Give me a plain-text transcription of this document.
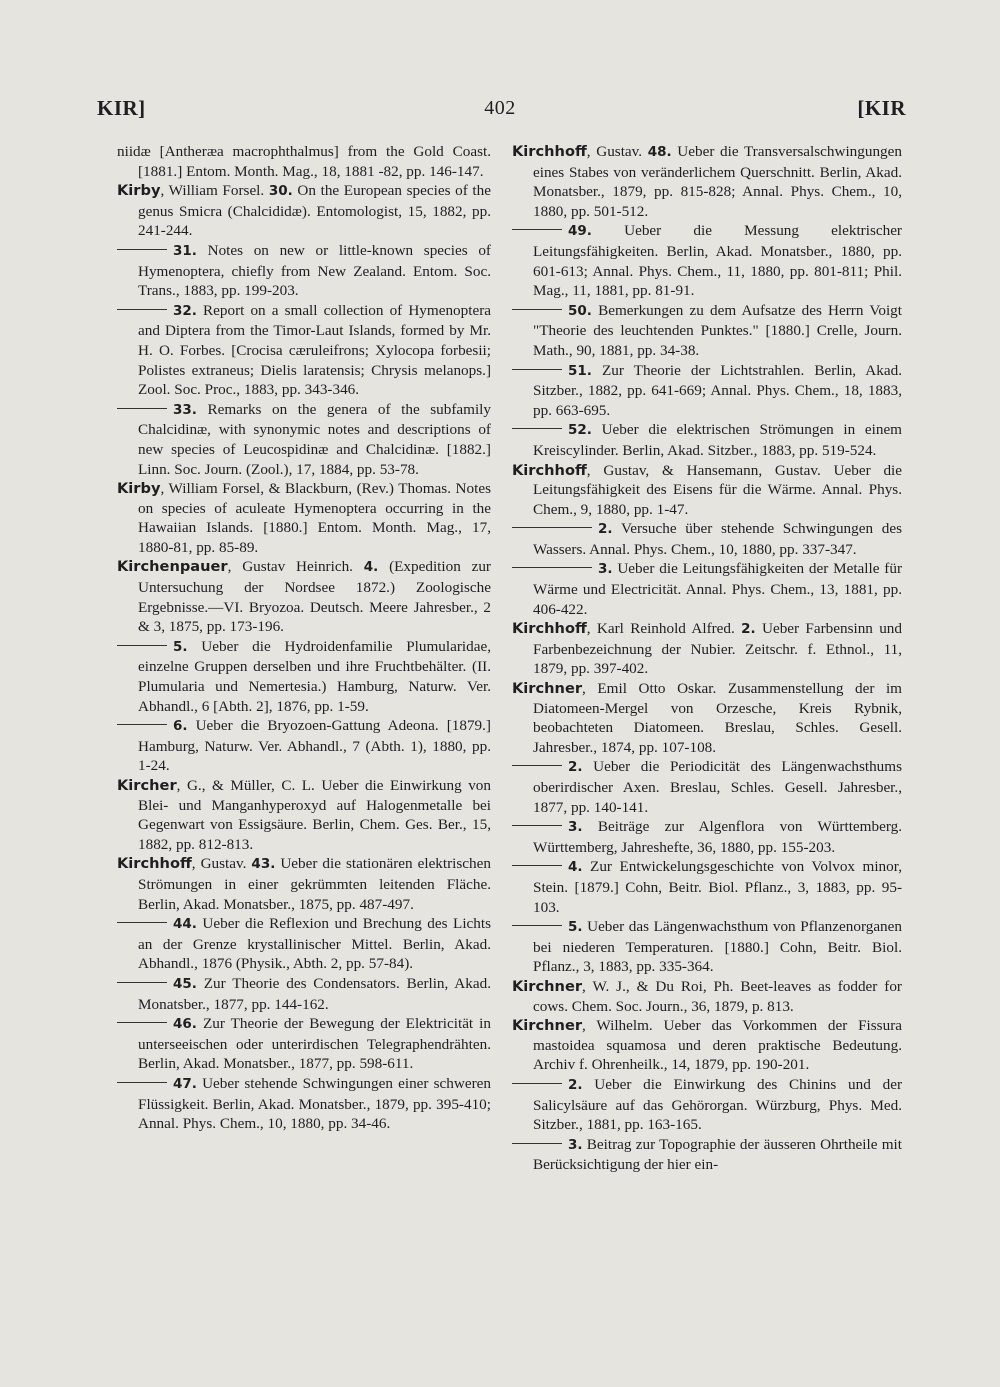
KIR]	402	[KIR

niidæ [Antheræa macrophthalmus] from the Gold Coast. [1881.] Entom. Month. Mag., 18, 1881 -82, pp. 146-147.

Kirby, William Forsel. 30. On the European species of the genus Smicra (Chalcididæ). Entomologist, 15, 1882, pp. 241-244.

31. Notes on new or little-known species of Hymenoptera, chiefly from New Zealand. Entom. Soc. Trans., 1883, pp. 199-203.

32. Report on a small collection of Hymenoptera and Diptera from the Timor-Laut Islands, formed by Mr. H. O. Forbes. [Crocisa cæruleifrons; Xylocopa forbesii; Polistes extraneus; Dielis laratensis; Chrysis melanops.] Zool. Soc. Proc., 1883, pp. 343-346.

33. Remarks on the genera of the subfamily Chalcidinæ, with synonymic notes and descriptions of new species of Leucospidinæ and Chalcidinæ. [1882.] Linn. Soc. Journ. (Zool.), 17, 1884, pp. 53-78.

Kirby, William Forsel, & Blackburn, (Rev.) Thomas. Notes on species of aculeate Hymenoptera occurring in the Hawaiian Islands. [1880.] Entom. Month. Mag., 17, 1880-81, pp. 85-89.

Kirchenpauer, Gustav Heinrich. 4. (Expedition zur Untersuchung der Nordsee 1872.) Zoologische Ergebnisse.—VI. Bryozoa. Deutsch. Meere Jahresber., 2 & 3, 1875, pp. 173-196.

5. Ueber die Hydroidenfamilie Plumularidae, einzelne Gruppen derselben und ihre Fruchtbehälter. (II. Plumularia und Nemertesia.) Hamburg, Naturw. Ver. Abhandl., 6 [Abth. 2], 1876, pp. 1-59.

6. Ueber die Bryozoen-Gattung Adeona. [1879.] Hamburg, Naturw. Ver. Abhandl., 7 (Abth. 1), 1880, pp. 1-24.

Kircher, G., & Müller, C. L. Ueber die Einwirkung von Blei- und Manganhyperoxyd auf Halogenmetalle bei Gegenwart von Essigsäure. Berlin, Chem. Ges. Ber., 15, 1882, pp. 812-813.

Kirchhoff, Gustav. 43. Ueber die stationären elektrischen Strömungen in einer gekrümmten leitenden Fläche. Berlin, Akad. Monatsber., 1875, pp. 487-497.

44. Ueber die Reflexion und Brechung des Lichts an der Grenze krystallinischer Mittel. Berlin, Akad. Abhandl., 1876 (Physik., Abth. 2, pp. 57-84).

45. Zur Theorie des Condensators. Berlin, Akad. Monatsber., 1877, pp. 144-162.

46. Zur Theorie der Bewegung der Elektricität in unterseeischen oder unterirdischen Telegraphendrähten. Berlin, Akad. Monatsber., 1877, pp. 598-611.

47. Ueber stehende Schwingungen einer schweren Flüssigkeit. Berlin, Akad. Monatsber., 1879, pp. 395-410; Annal. Phys. Chem., 10, 1880, pp. 34-46.

Kirchhoff, Gustav. 48. Ueber die Transversalschwingungen eines Stabes von veränderlichem Querschnitt. Berlin, Akad. Monatsber., 1879, pp. 815-828; Annal. Phys. Chem., 10, 1880, pp. 501-512.

49. Ueber die Messung elektrischer Leitungsfähigkeiten. Berlin, Akad. Monatsber., 1880, pp. 601-613; Annal. Phys. Chem., 11, 1880, pp. 801-811; Phil. Mag., 11, 1881, pp. 81-91.

50. Bemerkungen zu dem Aufsatze des Herrn Voigt "Theorie des leuchtenden Punktes." [1880.] Crelle, Journ. Math., 90, 1881, pp. 34-38.

51. Zur Theorie der Lichtstrahlen. Berlin, Akad. Sitzber., 1882, pp. 641-669; Annal. Phys. Chem., 18, 1883, pp. 663-695.

52. Ueber die elektrischen Strömungen in einem Kreiscylinder. Berlin, Akad. Sitzber., 1883, pp. 519-524.

Kirchhoff, Gustav, & Hansemann, Gustav. Ueber die Leitungsfähigkeit des Eisens für die Wärme. Annal. Phys. Chem., 9, 1880, pp. 1-47.

2. Versuche über stehende Schwingungen des Wassers. Annal. Phys. Chem., 10, 1880, pp. 337-347.

3. Ueber die Leitungsfähigkeiten der Metalle für Wärme und Electricität. Annal. Phys. Chem., 13, 1881, pp. 406-422.

Kirchhoff, Karl Reinhold Alfred. 2. Ueber Farbensinn und Farbenbezeichnung der Nubier. Zeitschr. f. Ethnol., 11, 1879, pp. 397-402.

Kirchner, Emil Otto Oskar. Zusammenstellung der im Diatomeen-Mergel von Orzesche, Kreis Rybnik, beobachteten Diatomeen. Breslau, Schles. Gesell. Jahresber., 1874, pp. 107-108.

2. Ueber die Periodicität des Längenwachsthums oberirdischer Axen. Breslau, Schles. Gesell. Jahresber., 1877, pp. 140-141.

3. Beiträge zur Algenflora von Württemberg. Württemberg, Jahreshefte, 36, 1880, pp. 155-203.

4. Zur Entwickelungsgeschichte von Volvox minor, Stein. [1879.] Cohn, Beitr. Biol. Pflanz., 3, 1883, pp. 95-103.

5. Ueber das Längenwachsthum von Pflanzenorganen bei niederen Temperaturen. [1880.] Cohn, Beitr. Biol. Pflanz., 3, 1883, pp. 335-364.

Kirchner, W. J., & Du Roi, Ph. Beet-leaves as fodder for cows. Chem. Soc. Journ., 36, 1879, p. 813.

Kirchner, Wilhelm. Ueber das Vorkommen der Fissura mastoidea squamosa und deren praktische Bedeutung. Archiv f. Ohrenheilk., 14, 1879, pp. 190-201.

2. Ueber die Einwirkung des Chinins und der Salicylsäure auf das Gehörorgan. Würzburg, Phys. Med. Sitzber., 1881, pp. 163-165.

3. Beitrag zur Topographie der äusseren Ohrtheile mit Berücksichtigung der hier ein-
